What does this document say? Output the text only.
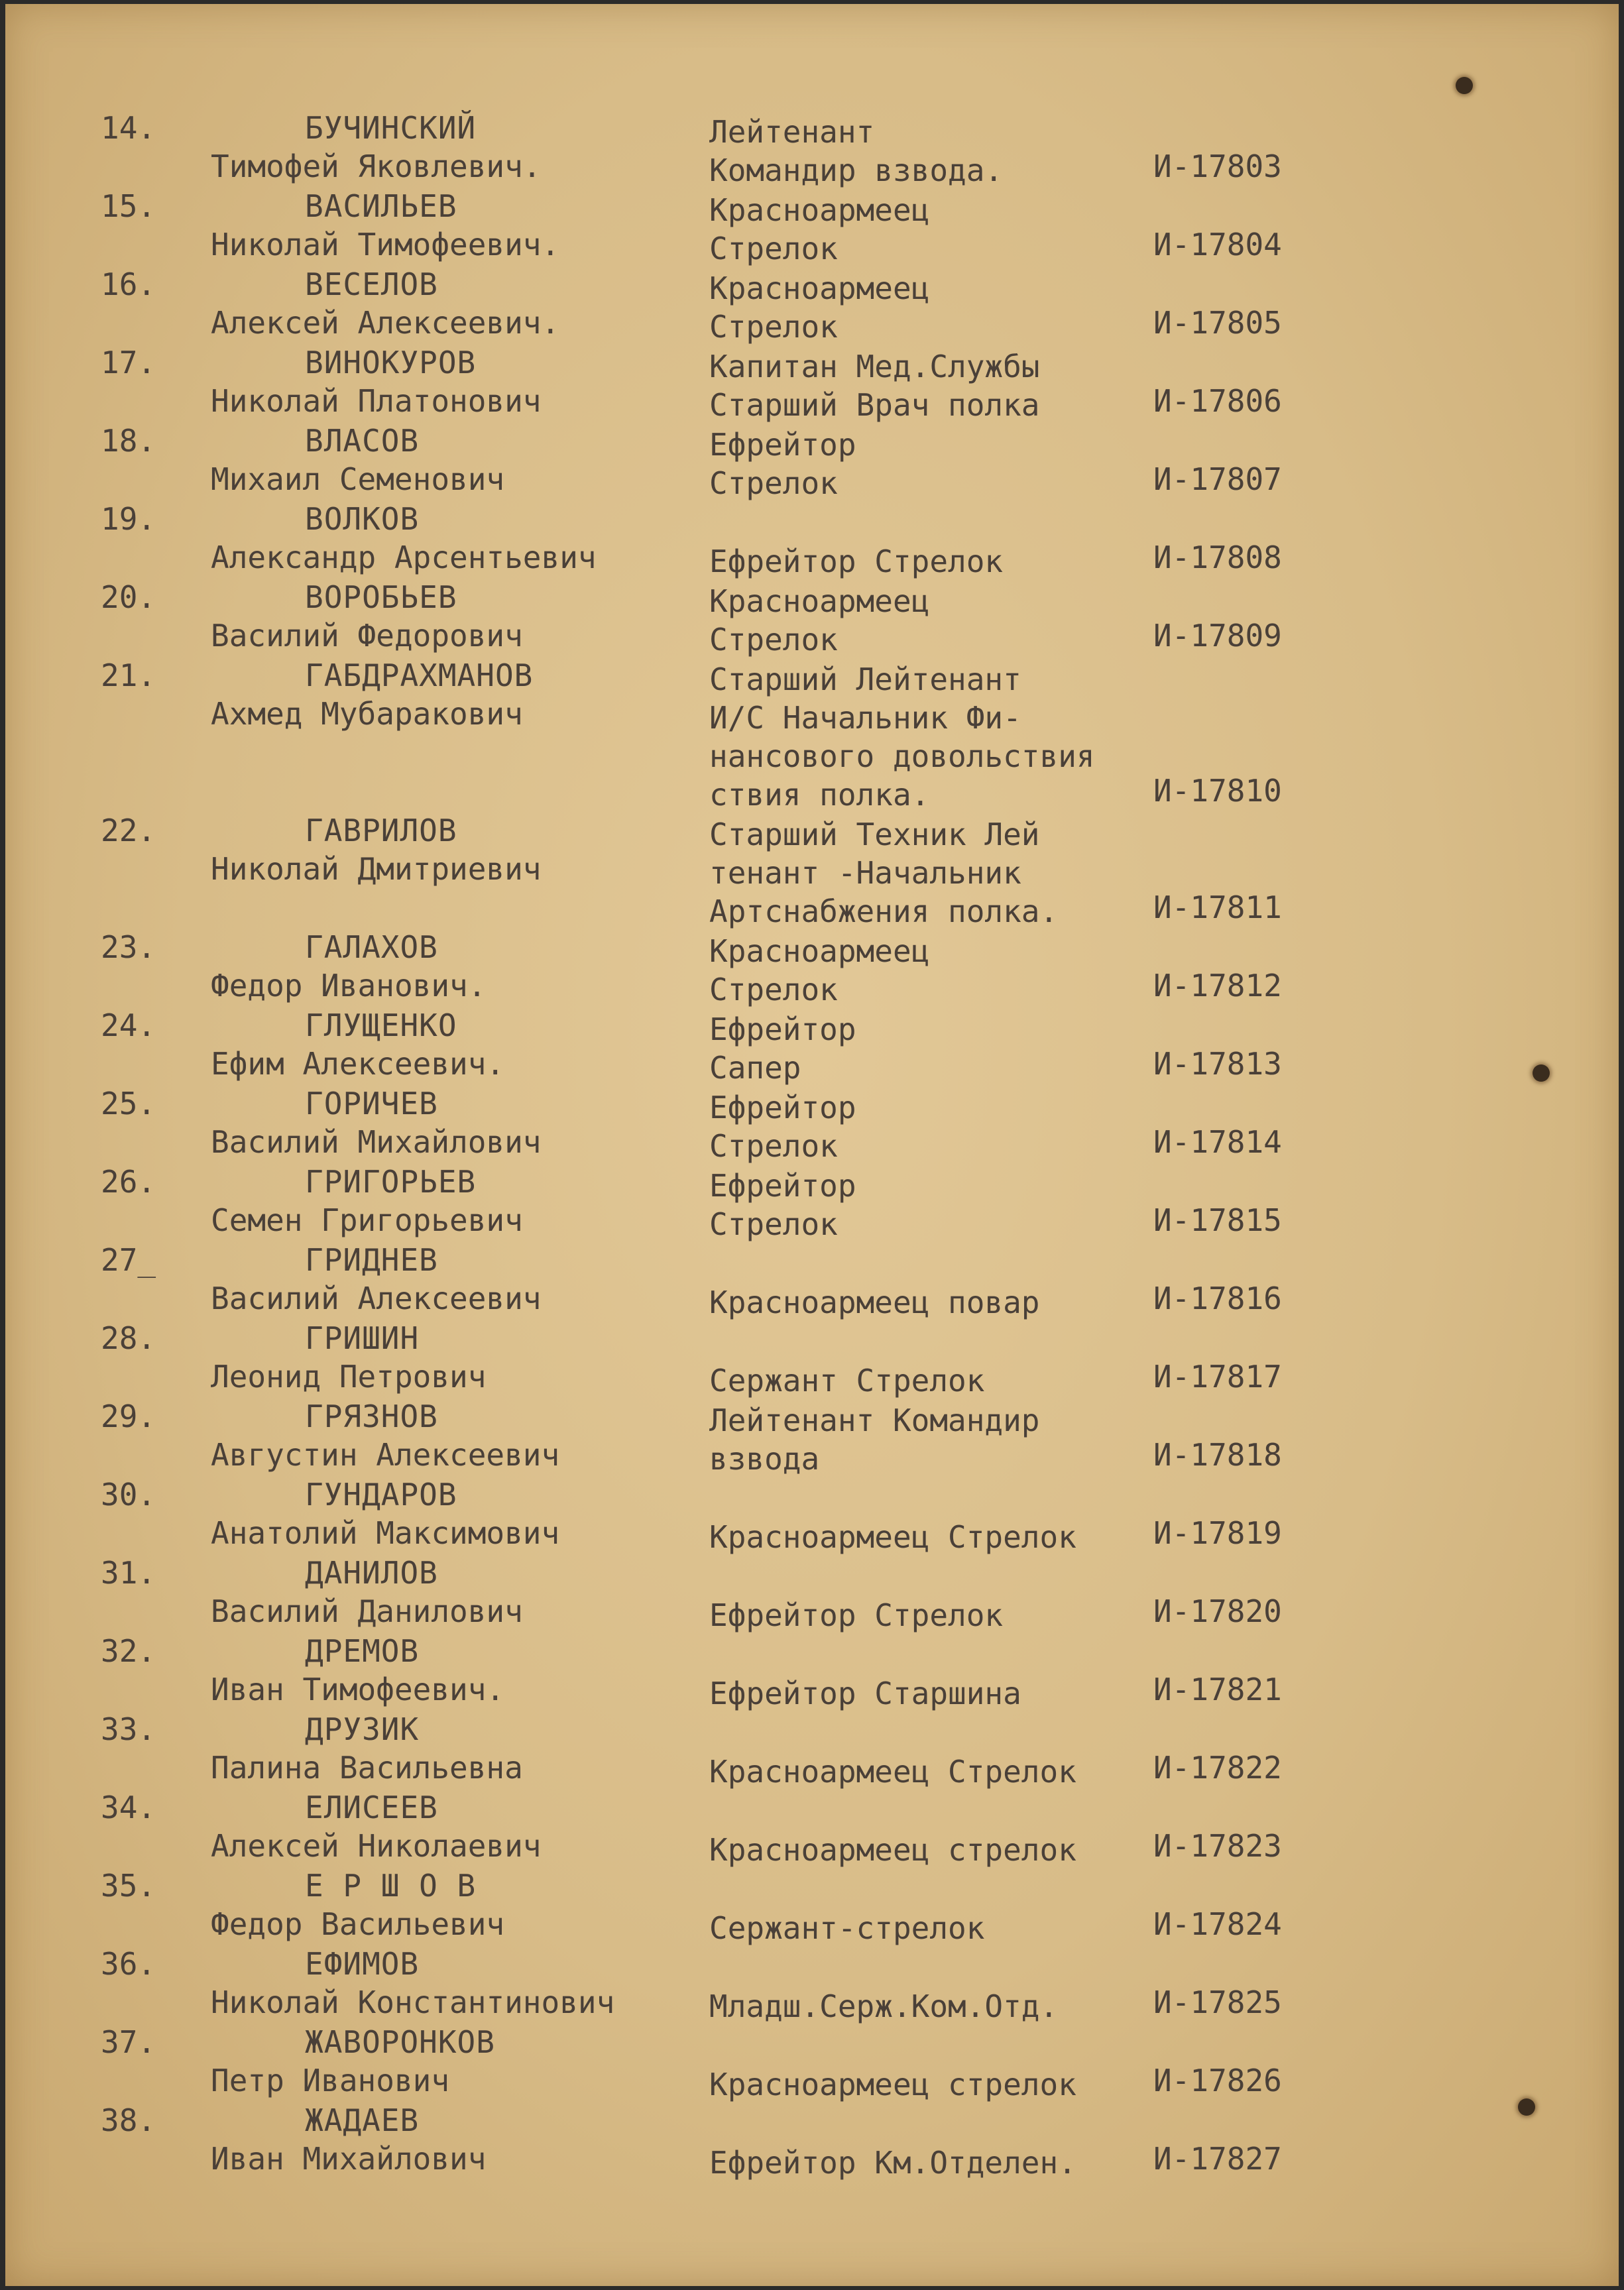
14.	БУЧИНСКИЙ
Тимофей Яковлевич.
Лейтенант
Командир взвода.	И-17803
15.	ВАСИЛЬЕВ
Николай Тимофеевич.
Красноармеец
Стрелок	И-17804
16.	ВЕСЕЛОВ
Алексей Алексеевич.
Красноармеец
Стрелок	И-17805
17.	ВИНОКУРОВ
Николай Платонович
Капитан Мед.Службы
Старший Врач полка	И-17806
18.	ВЛАСОВ
Михаил Семенович
Ефрейтор
Стрелок	И-17807
19.	ВОЛКОВ
Александр Арсентьевич
	Ефрейтор Стрелок	И-17808
20.	ВОРОБЬЕВ
Василий Федорович
Красноармеец
Стрелок	И-17809
21.	ГАБДРАХМАНОВ
Ахмед Мубаракович
Старший Лейтенант
И/С Начальник Фи-
нансового довольствия
ствия полка.	И-17810
22.	ГАВРИЛОВ
Николай Дмитриевич
Старший Техник Лей
тенант -Начальник
Артснабжения полка.	И-17811
23.	ГАЛАХОВ
Федор Иванович.
Красноармеец
Стрелок	И-17812
24.	ГЛУЩЕНКО
Ефим Алексеевич.
Ефрейтор
Сапер	И-17813
25.	ГОРИЧЕВ
Василий Михайлович
Ефрейтор
Стрелок	И-17814
26.	ГРИГОРЬЕВ
Семен Григорьевич
Ефрейтор
Стрелок	И-17815
27_	ГРИДНЕВ
Василий Алексеевич
	Красноармеец повар	И-17816
28.	ГРИШИН
Леонид Петрович
	Сержант Стрелок	И-17817
29.	ГРЯЗНОВ
Августин Алексеевич
Лейтенант Командир
взвода	И-17818
30.	ГУНДАРОВ
Анатолий Максимович
	Красноармеец Стрелок	И-17819
31.	ДАНИЛОВ
Василий Данилович
	Ефрейтор Стрелок	И-17820
32.	ДРЕМОВ
Иван Тимофеевич.
	Ефрейтор Старшина	И-17821
33.	ДРУЗИК
Палина Васильевна
	Красноармеец Стрелок	И-17822
34.	ЕЛИСЕЕВ
Алексей Николаевич
	Красноармеец стрелок	И-17823
35.	Е Р Ш О В
Федор Васильевич
	Сержант-стрелок	И-17824
36.	ЕФИМОВ
Николай Константинович
	Младш.Серж.Ком.Отд.	И-17825
37.	ЖАВОРОНКОВ
Петр Иванович
	Красноармеец стрелок	И-17826
38.	ЖАДАЕВ
Иван Михайлович
	Ефрейтор Км.Отделен.	И-17827
